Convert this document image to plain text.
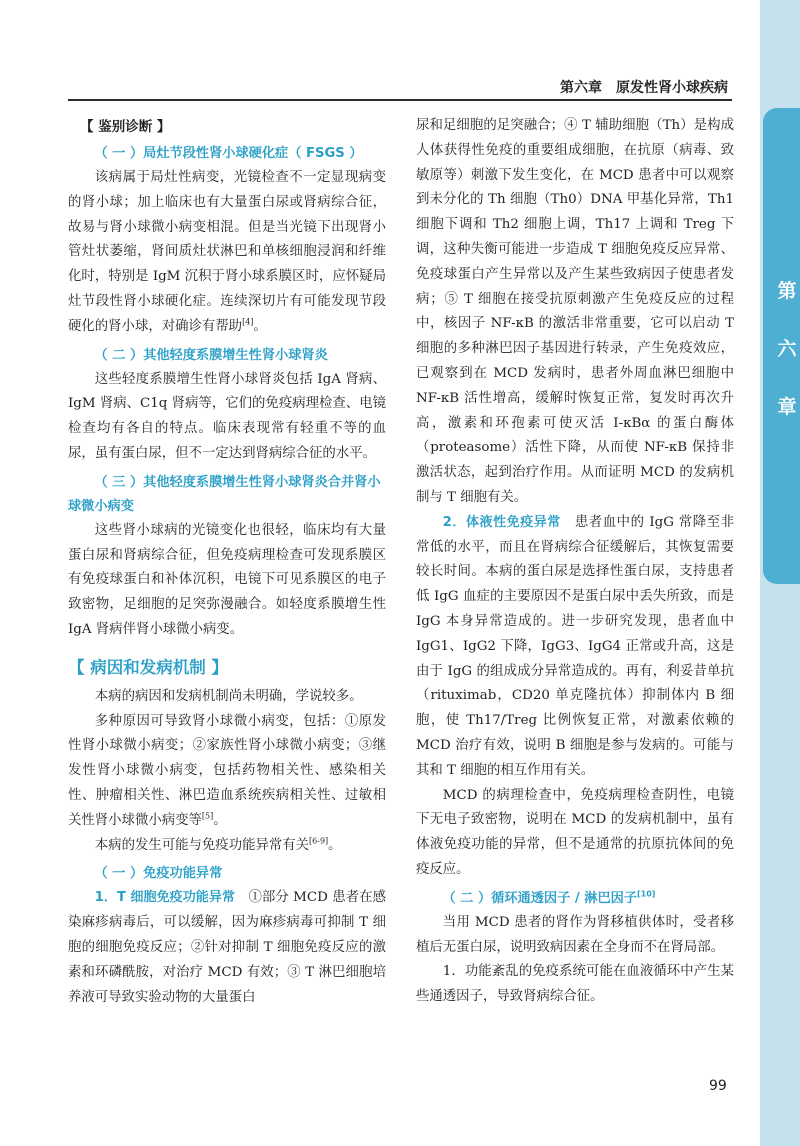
第
六
章
第六章　原发性肾小球疾病
【 鉴别诊断 】
（ 一 ）局灶节段性肾小球硬化症（ FSGS ）

该病属于局灶性病变，光镜检查不一定显现病变的肾小球；加上临床也有大量蛋白尿或肾病综合征，故易与肾小球微小病变相混。但是当光镜下出现肾小管灶状萎缩，肾间质灶状淋巴和单核细胞浸润和纤维化时，特别是 IgM 沉积于肾小球系膜区时，应怀疑局灶节段性肾小球硬化症。连续深切片有可能发现节段硬化的肾小球，对确诊有帮助[4]。

（ 二 ）其他轻度系膜增生性肾小球肾炎

这些轻度系膜增生性肾小球肾炎包括 IgA 肾病、IgM 肾病、C1q 肾病等，它们的免疫病理检查、电镜检查均有各自的特点。临床表现常有轻重不等的血尿，虽有蛋白尿，但不一定达到肾病综合征的水平。

（ 三 ）其他轻度系膜增生性肾小球肾炎合并肾小球微小病变

这些肾小球病的光镜变化也很轻，临床均有大量蛋白尿和肾病综合征，但免疫病理检查可发现系膜区有免疫球蛋白和补体沉积，电镜下可见系膜区的电子致密物，足细胞的足突弥漫融合。如轻度系膜增生性 IgA 肾病伴肾小球微小病变。

【 病因和发病机制 】

本病的病因和发病机制尚未明确，学说较多。

多种原因可导致肾小球微小病变，包括：①原发性肾小球微小病变；②家族性肾小球微小病变；③继发性肾小球微小病变，包括药物相关性、感染相关性、肿瘤相关性、淋巴造血系统疾病相关性、过敏相关性肾小球微小病变等[5]。

本病的发生可能与免疫功能异常有关[6-9]。

（ 一 ）免疫功能异常

1．T 细胞免疫功能异常　①部分 MCD 患者在感染麻疹病毒后，可以缓解，因为麻疹病毒可抑制 T 细胞的细胞免疫反应；②针对抑制 T 细胞免疫反应的激素和环磷酰胺，对治疗 MCD 有效；③ T 淋巴细胞培养液可导致实验动物的大量蛋白

尿和足细胞的足突融合；④ T 辅助细胞（Th）是构成人体获得性免疫的重要组成细胞，在抗原（病毒、致敏原等）刺激下发生变化，在 MCD 患者中可以观察到未分化的 Th 细胞（Th0）DNA 甲基化异常，Th1 细胞下调和 Th2 细胞上调，Th17 上调和 Treg 下调，这种失衡可能进一步造成 T 细胞免疫反应异常、免疫球蛋白产生异常以及产生某些致病因子使患者发病；⑤ T 细胞在接受抗原刺激产生免疫反应的过程中，核因子 NF-κB 的激活非常重要，它可以启动 T 细胞的多种淋巴因子基因进行转录，产生免疫效应，已观察到在 MCD 发病时，患者外周血淋巴细胞中 NF-κB 活性增高，缓解时恢复正常，复发时再次升高，激素和环孢素可使灭活 I-κBα 的蛋白酶体（proteasome）活性下降，从而使 NF-κB 保持非激活状态，起到治疗作用。从而证明 MCD 的发病机制与 T 细胞有关。

2．体液性免疫异常　患者血中的 IgG 常降至非常低的水平，而且在肾病综合征缓解后，其恢复需要较长时间。本病的蛋白尿是选择性蛋白尿，支持患者低 IgG 血症的主要原因不是蛋白尿中丢失所致，而是 IgG 本身异常造成的。进一步研究发现，患者血中 IgG1、IgG2 下降，IgG3、IgG4 正常或升高，这是由于 IgG 的组成成分异常造成的。再有，利妥昔单抗（rituximab，CD20 单克隆抗体）抑制体内 B 细胞，使 Th17/Treg 比例恢复正常，对激素依赖的 MCD 治疗有效，说明 B 细胞是参与发病的。可能与其和 T 细胞的相互作用有关。

MCD 的病理检查中，免疫病理检查阴性，电镜下无电子致密物，说明在 MCD 的发病机制中，虽有体液免疫功能的异常，但不是通常的抗原抗体间的免疫反应。

（ 二 ）循环通透因子 / 淋巴因子[10]

当用 MCD 患者的肾作为肾移植供体时，受者移植后无蛋白尿，说明致病因素在全身而不在肾局部。

1．功能紊乱的免疫系统可能在血液循环中产生某些通透因子，导致肾病综合征。

99
